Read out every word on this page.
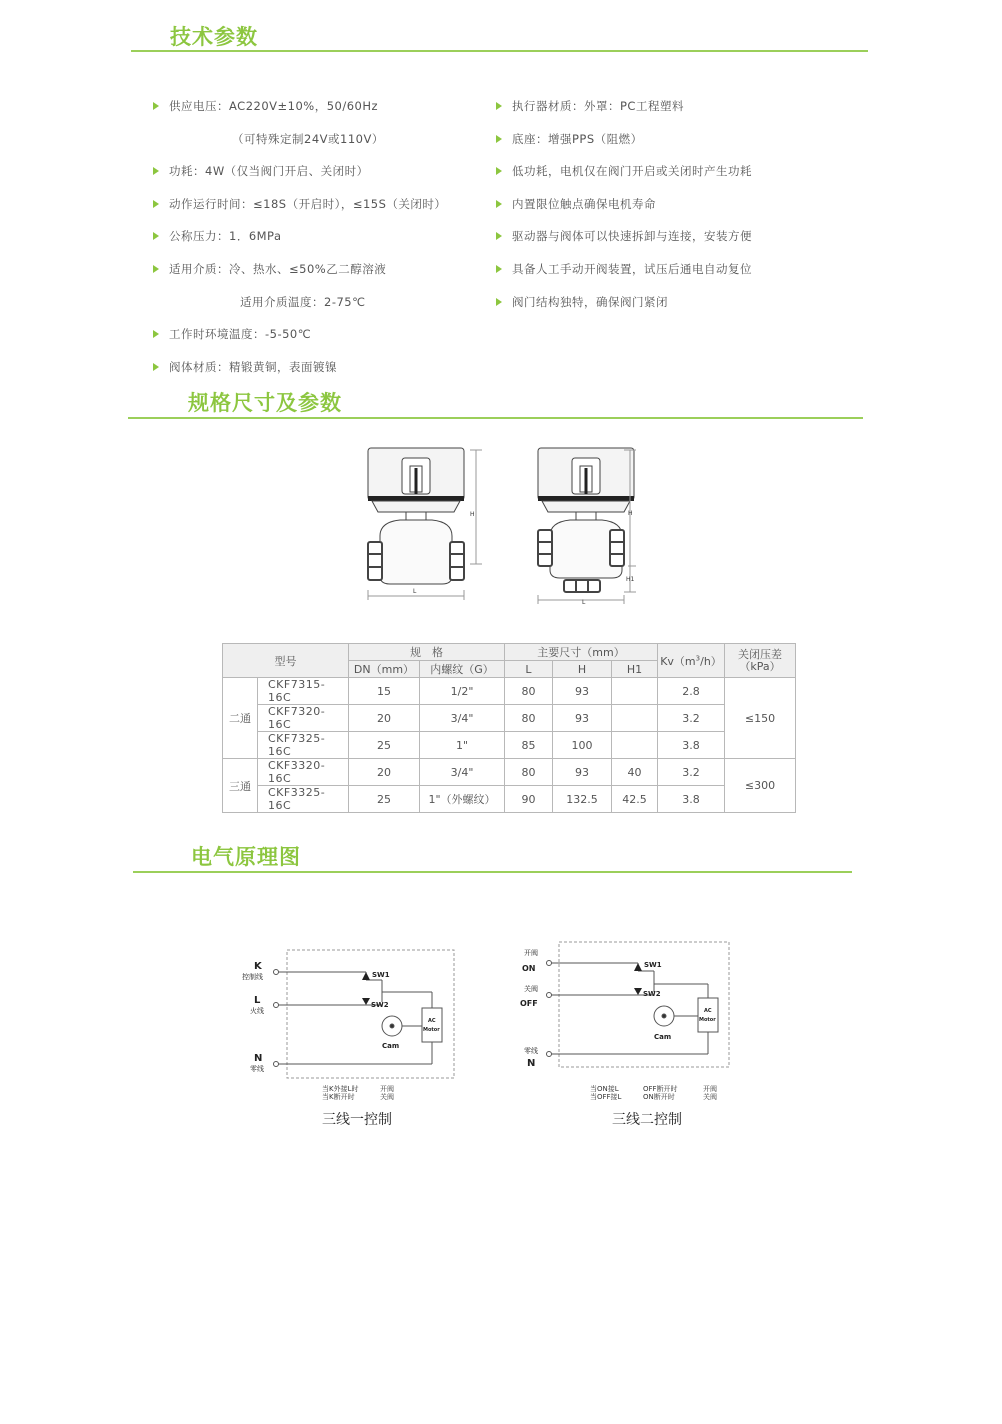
技术参数
供应电压：AC220V±10%，50/60Hz
（可特殊定制24V或110V）
功耗：4W（仅当阀门开启、关闭时）
动作运行时间：≤18S（开启时），≤15S（关闭时）
公称压力：1．6MPa
适用介质：冷、热水、≤50%乙二醇溶液
适用介质温度：2-75℃
工作时环境温度：-5-50℃
阀体材质：精锻黄铜，表面镀镍
执行器材质：外罩：PC工程塑料
底座：增强PPS（阻燃）
低功耗，电机仅在阀门开启或关闭时产生功耗
内置限位触点确保电机寿命
驱动器与阀体可以快速拆卸与连接，安装方便
具备人工手动开阀装置，试压后通电自动复位
阀门结构独特，确保阀门紧闭
规格尺寸及参数
H
L
H
H1
L
型号		规　格		主要尺寸（mm）			$Kv(m^3/h)$	关闭压差
（kPa）
		DN（mm）	内螺纹（G）	L	H	H1		
二通	CKF7315-16C	15	1/2"	80	93		2.8	≤150
	CKF7320-16C	20	3/4"	80	93		3.2	
	CKF7325-16C	25	1"	85	100		3.8	
三通	CKF3320-16C	20	3/4"	80	93	40	3.2	≤300
	CKF3325-16C	25	1"（外螺纹）	90	132.5	42.5	3.8	
电气原理图
K
控制线
L
火线
N
零线
SW1
SW2
AC
Motor
Cam
当K外接L时
当K断开时
开阀
关阀
三线一控制
开阀
ON
关阀
OFF
零线
N
SW1
SW2
AC
Motor
Cam
当ON接L
当OFF接L
OFF断开时
ON断开时
开阀
关阀
三线二控制
